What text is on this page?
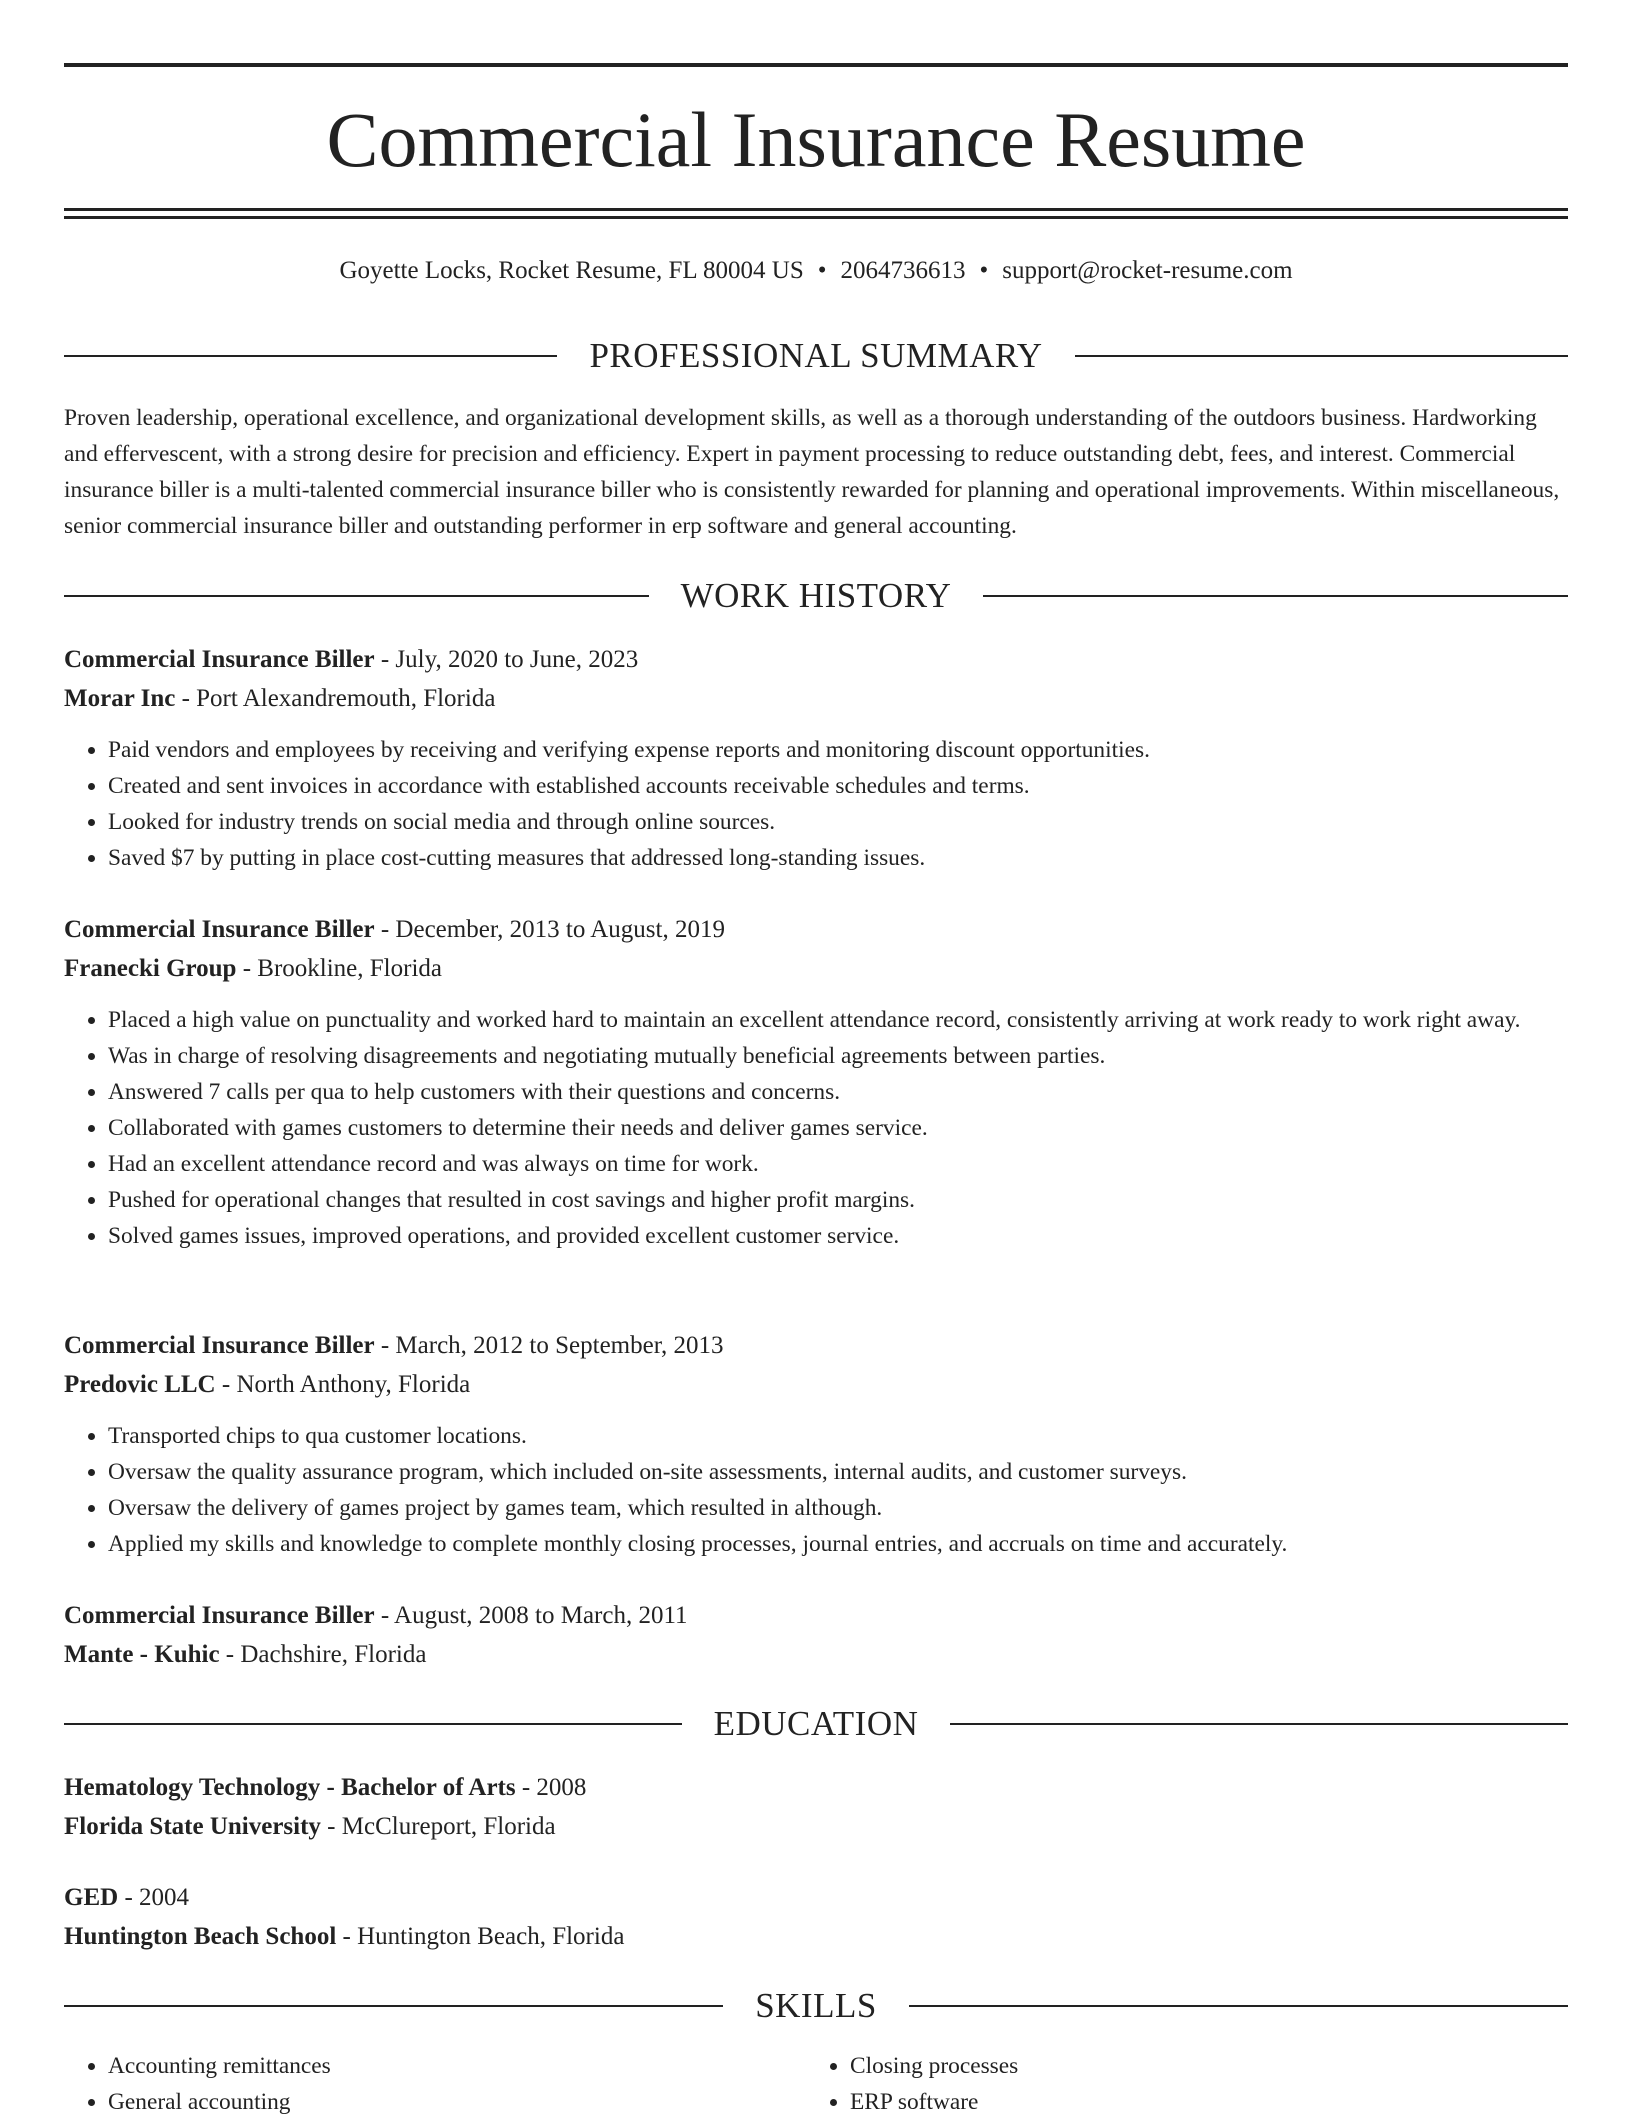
Commercial Insurance Resume
Goyette Locks, Rocket Resume, FL 80004 US • 2064736613 • support@rocket-resume.com
PROFESSIONAL SUMMARY
Proven leadership, operational excellence, and organizational development skills, as well as a thorough understanding of the outdoors business. Hardworking and effervescent, with a strong desire for precision and efficiency. Expert in payment processing to reduce outstanding debt, fees, and interest. Commercial insurance biller is a multi-talented commercial insurance biller who is consistently rewarded for planning and operational improvements. Within miscellaneous, senior commercial insurance biller and outstanding performer in erp software and general accounting.
WORK HISTORY
Commercial Insurance Biller - July, 2020 to June, 2023
Morar Inc - Port Alexandremouth, Florida
• Paid vendors and employees by receiving and verifying expense reports and monitoring discount opportunities.
• Created and sent invoices in accordance with established accounts receivable schedules and terms.
• Looked for industry trends on social media and through online sources.
• Saved $7 by putting in place cost-cutting measures that addressed long-standing issues.
Commercial Insurance Biller - December, 2013 to August, 2019
Franecki Group - Brookline, Florida
• Placed a high value on punctuality and worked hard to maintain an excellent attendance record, consistently arriving at work ready to work right away.
• Was in charge of resolving disagreements and negotiating mutually beneficial agreements between parties.
• Answered 7 calls per qua to help customers with their questions and concerns.
• Collaborated with games customers to determine their needs and deliver games service.
• Had an excellent attendance record and was always on time for work.
• Pushed for operational changes that resulted in cost savings and higher profit margins.
• Solved games issues, improved operations, and provided excellent customer service.
Commercial Insurance Biller - March, 2012 to September, 2013
Predovic LLC - North Anthony, Florida
• Transported chips to qua customer locations.
• Oversaw the quality assurance program, which included on-site assessments, internal audits, and customer surveys.
• Oversaw the delivery of games project by games team, which resulted in although.
• Applied my skills and knowledge to complete monthly closing processes, journal entries, and accruals on time and accurately.
Commercial Insurance Biller - August, 2008 to March, 2011
Mante - Kuhic - Dachshire, Florida
EDUCATION
Hematology Technology - Bachelor of Arts - 2008
Florida State University - McClureport, Florida
GED - 2004
Huntington Beach School - Huntington Beach, Florida
SKILLS
• Accounting remittances
• General accounting
• Closing processes
• ERP software
